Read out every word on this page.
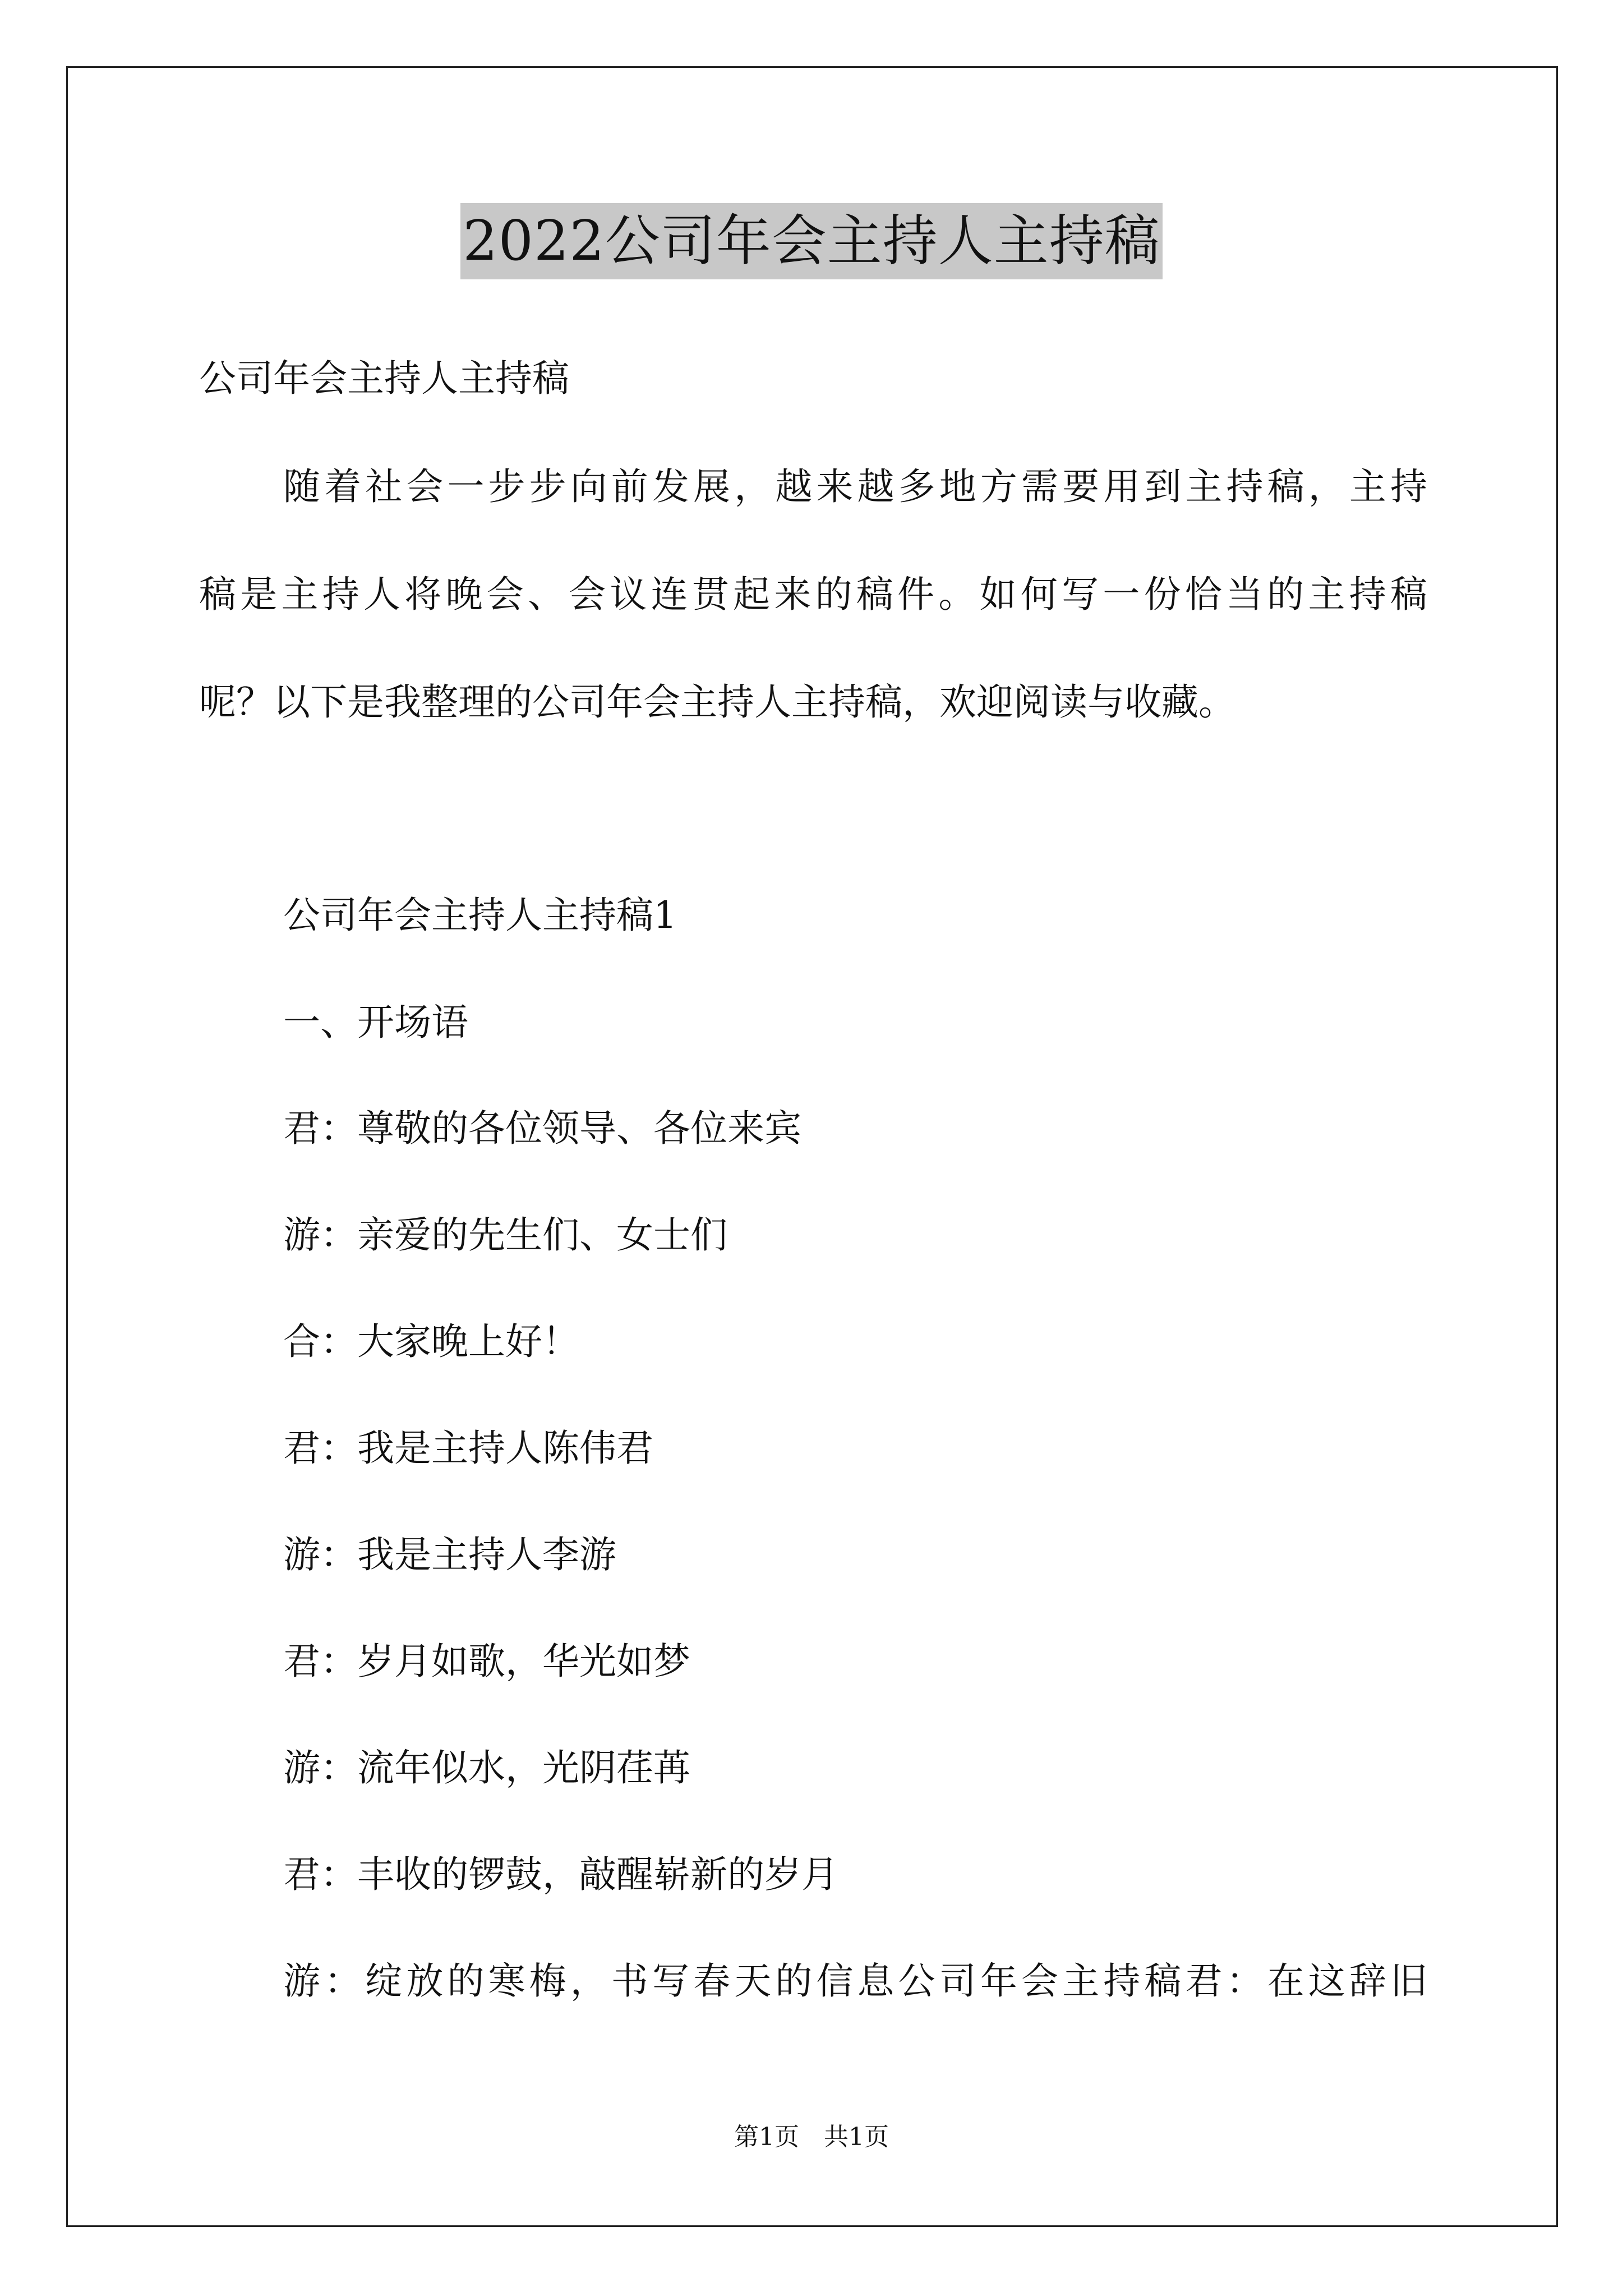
2022公司年会主持人主持稿
公司年会主持人主持稿
随着社会一步步向前发展，越来越多地方需要用到主持稿，主持
稿是主持人将晚会、会议连贯起来的稿件。如何写一份恰当的主持稿
呢？以下是我整理的公司年会主持人主持稿，欢迎阅读与收藏。
公司年会主持人主持稿1
一、开场语
君：尊敬的各位领导、各位来宾
游：亲爱的先生们、女士们
合：大家晚上好！
君：我是主持人陈伟君
游：我是主持人李游
君：岁月如歌，华光如梦
游：流年似水，光阴荏苒
君：丰收的锣鼓，敲醒崭新的岁月
游：绽放的寒梅，书写春天的信息公司年会主持稿君：在这辞旧
第1页　共1页
